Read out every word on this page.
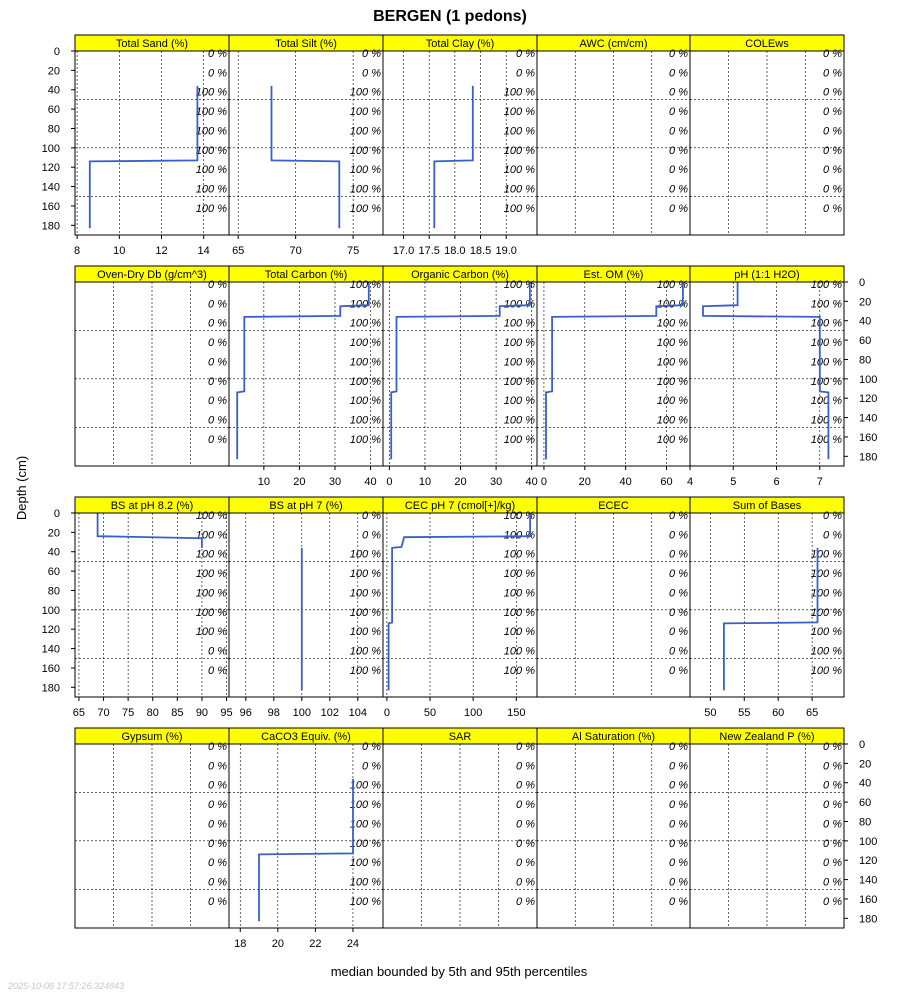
BERGEN (1 pedons)
Total Sand (%)
0 %
0 %
100 %
100 %
100 %
100 %
100 %
100 %
100 %
8	10	12	14
Total Silt (%)
0 %
0 %
100 %
100 %
100 %
100 %
100 %
100 %
100 %
65	70	75
Total Clay (%)
0 %
0 %
100 %
100 %
100 %
100 %
100 %
100 %
100 %
17.0 17.5 18.0 18.5 19.0
AWC (cm/cm)
0 %
0 %
0 %
0 %
0 %
0 %
0 %
0 %
0 %
COLEws
0 %
0 %
0 %
0 %
0 %
0 %
0 %
0 %
0 %
Oven-Dry Db (g/cm^3)
0 %
0 %
0 %
0 %
0 %
0 %
0 %
0 %
0 %
Total Carbon (%)
100 %
100 %
100 %
100 %
100 %
100 %
100 %
100 %
100 %
10 20 30 40
Organic Carbon (%)
100 %
100 %
100 %
100 %
100 %
100 %
100 %
100 %
100 %
0 10 20 30 40
Est. OM (%)
100 %
100 %
100 %
100 %
100 %
100 %
100 %
100 %
100 %
0	20	40	60
pH (1:1 H2O)
100 %
100 %
100 %
100 %
100 %
100 %
100 %
100 %
100 %
4	5	6	7
BS at pH 8.2 (%)
100 %
100 %
100 %
100 %
100 %
100 %
100 %
0 %
0 %
65 70 75 80 85 90 95
BS at pH 7 (%)
0 %
0 %
100 %
100 %
100 %
100 %
100 %
100 %
100 %
96 98 100 102 104
CEC pH 7 (cmol[+]/kg)
100 %
100 %
100 %
100 %
100 %
100 %
100 %
100 %
100 %
0	50	100 150
ECEC
0 %
0 %
0 %
0 %
0 %
0 %
0 %
0 %
0 %
Sum of Bases
0 %
0 %
100 %
100 %
100 %
100 %
100 %
100 %
100 %
50 55 60 65
Gypsum (%)
0 %
0 %
0 %
0 %
0 %
0 %
0 %
0 %
0 %
CaCO3 Equiv. (%)
0 %
0 %
100 %
100 %
100 %
100 %
100 %
100 %
100 %
18 20 22 24
SAR
0 %
0 %
0 %
0 %
0 %
0 %
0 %
0 %
0 %
Al Saturation (%)
0 %
0 %
0 %
0 %
0 %
0 %
0 %
0 %
0 %
New Zealand P (%)
0 %
0 %
0 %
0 %
0 %
0 %
0 %
0 %
0 %
0
20
40
60
80
100
120
140
160
180
0
20
40
60
80
100
120
140
160
180
0
20
40
60
80
100
120
140
160
180
0
20
40
60
80
100
120
140
160
180
Depth (cm)
median bounded by 5th and 95th percentiles
2025-10-08 17:57:26.324843
